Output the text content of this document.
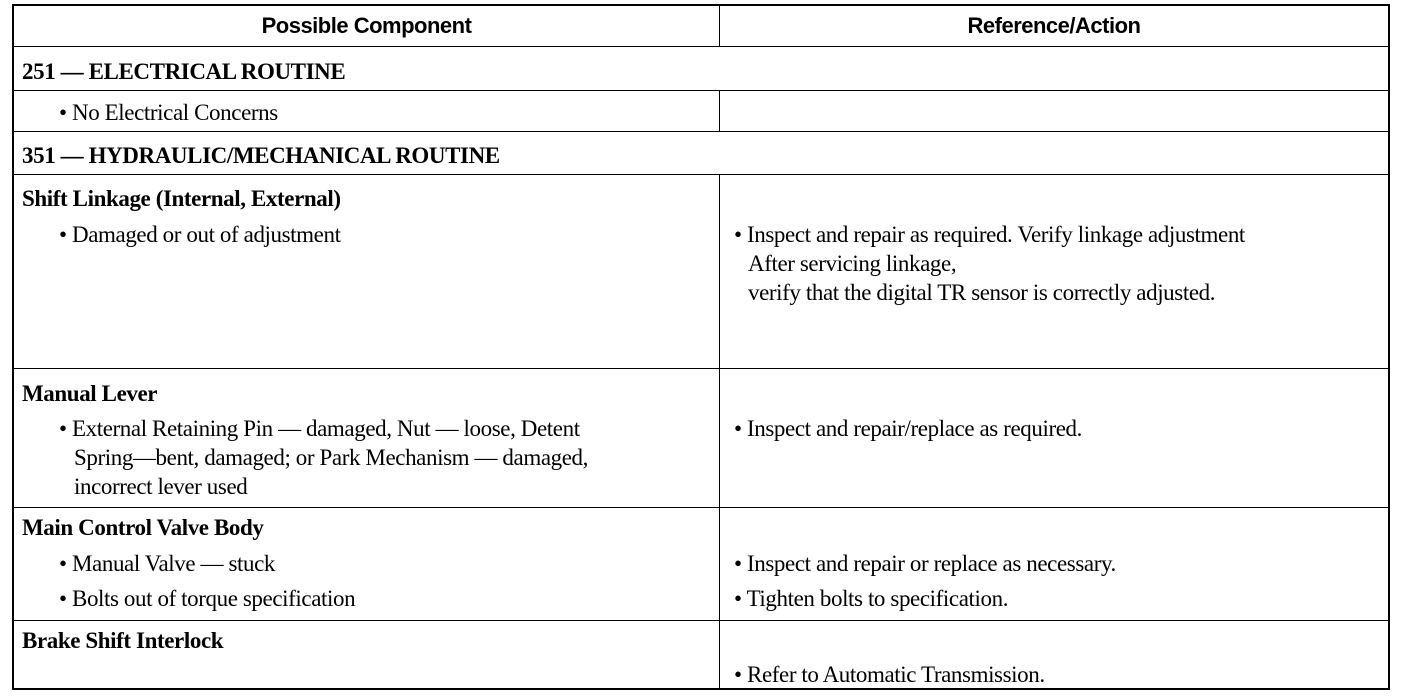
Possible Component	Reference/Action
251 — ELECTRICAL ROUTINE
• No Electrical Concerns
351 — HYDRAULIC/MECHANICAL ROUTINE
Shift Linkage (Internal, External)
• Damaged or out of adjustment	• Inspect and repair as required. Verify linkage adjustment
After servicing linkage,
verify that the digital TR sensor is correctly adjusted.
Manual Lever
• External Retaining Pin — damaged, Nut — loose, Detent
Spring—bent, damaged; or Park Mechanism — damaged,
incorrect lever used
• Inspect and repair/replace as required.
Main Control Valve Body
• Manual Valve — stuck
• Bolts out of torque specification
• Inspect and repair or replace as necessary.
• Tighten bolts to specification.
Brake Shift Interlock
• Refer to Automatic Transmission.
